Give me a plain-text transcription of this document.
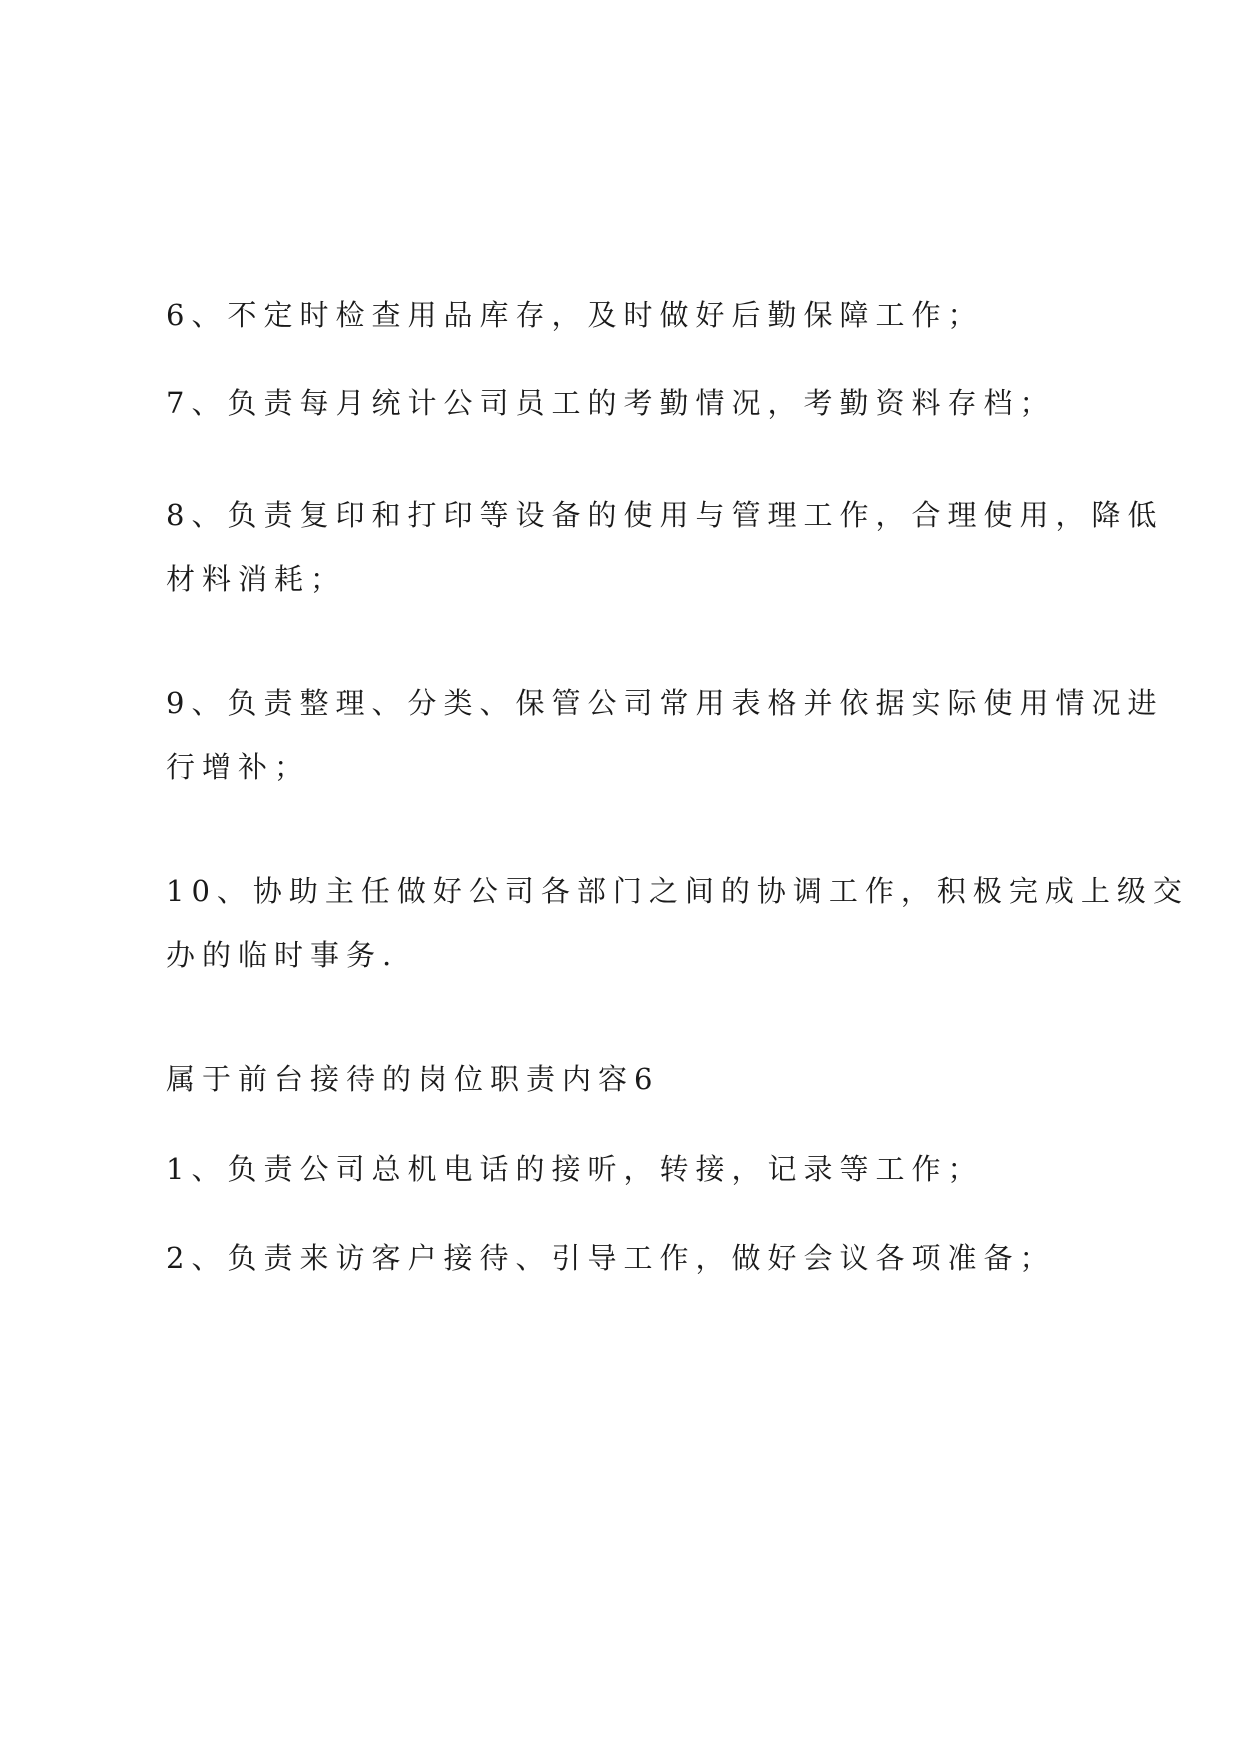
6、不定时检查用品库存，及时做好后勤保障工作；

7、负责每月统计公司员工的考勤情况，考勤资料存档；

8、负责复印和打印等设备的使用与管理工作，合理使用，降低
材料消耗；

9、负责整理、分类、保管公司常用表格并依据实际使用情况进
行增补；

10、协助主任做好公司各部门之间的协调工作，积极完成上级交
办的临时事务.

属于前台接待的岗位职责内容6

1、负责公司总机电话的接听，转接，记录等工作；

2、负责来访客户接待、引导工作，做好会议各项准备；
